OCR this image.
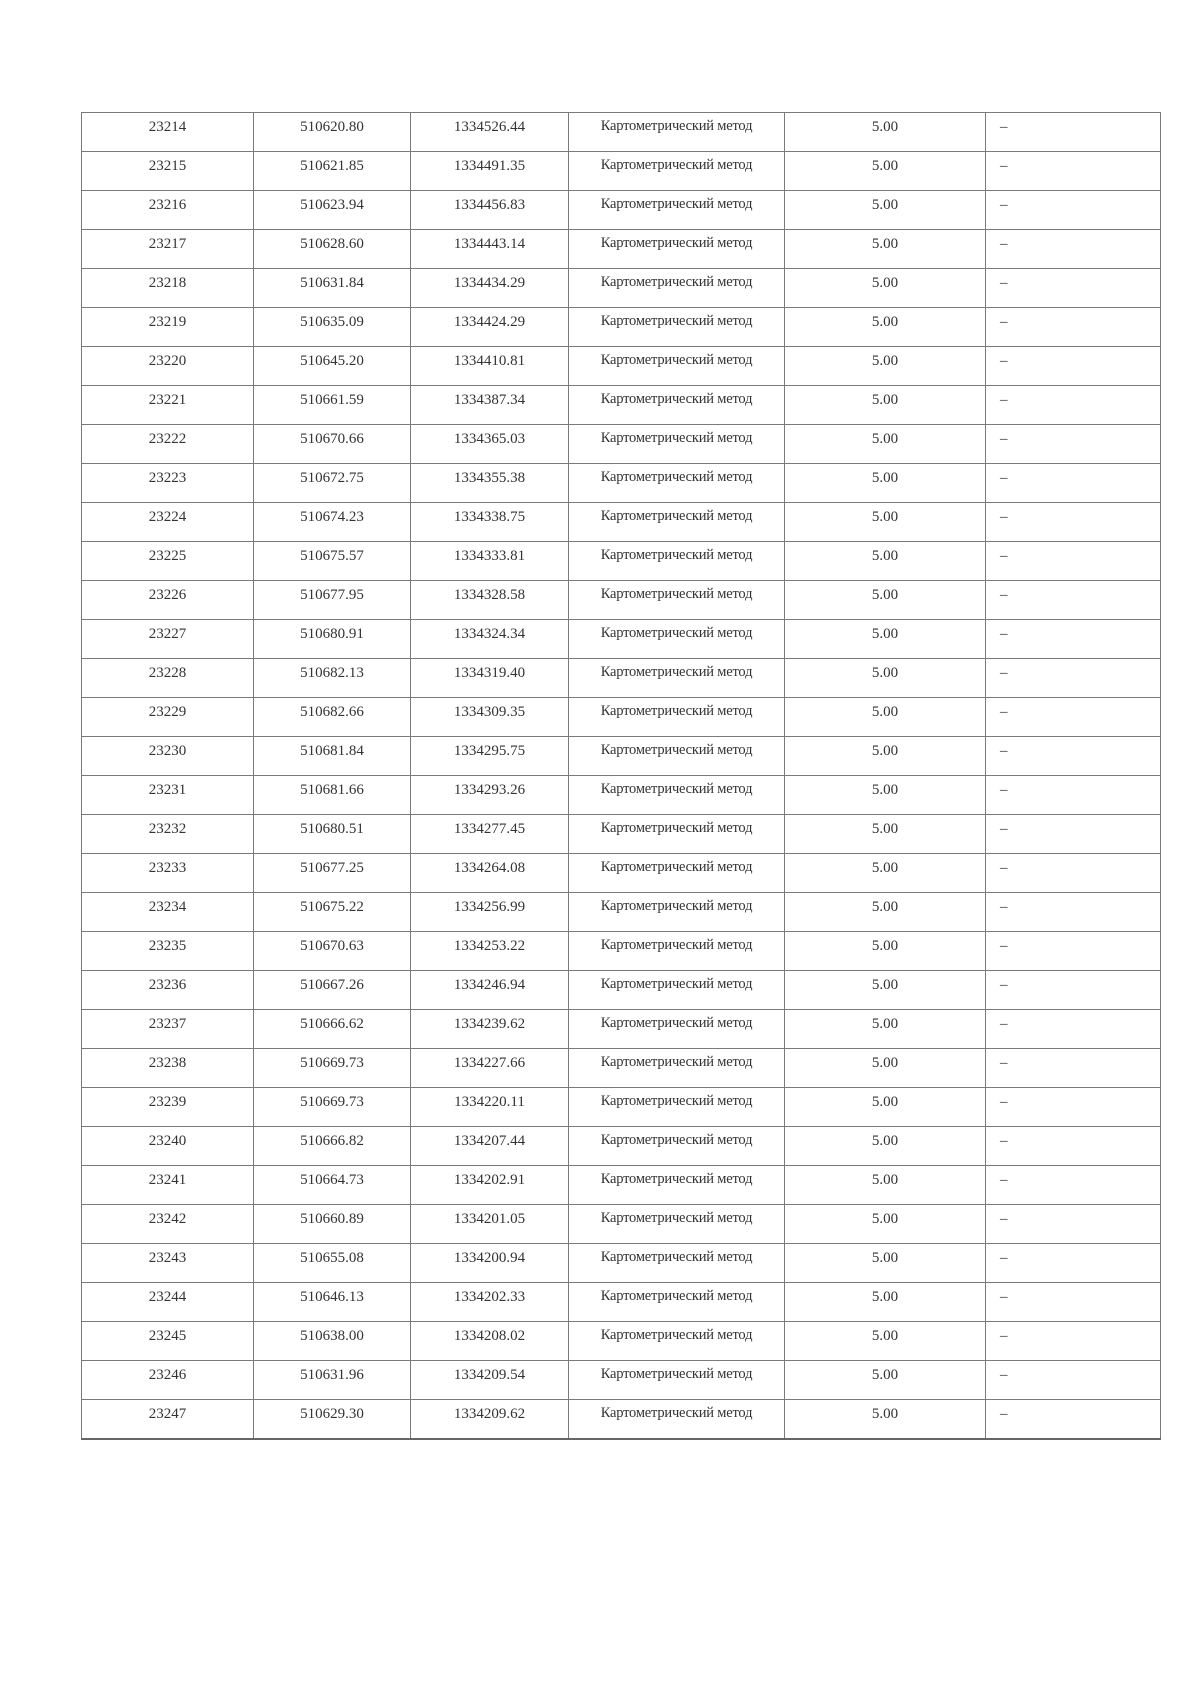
23214	510620.80	1334526.44	Картометрический метод	5.00	–
23215	510621.85	1334491.35	Картометрический метод	5.00	–
23216	510623.94	1334456.83	Картометрический метод	5.00	–
23217	510628.60	1334443.14	Картометрический метод	5.00	–
23218	510631.84	1334434.29	Картометрический метод	5.00	–
23219	510635.09	1334424.29	Картометрический метод	5.00	–
23220	510645.20	1334410.81	Картометрический метод	5.00	–
23221	510661.59	1334387.34	Картометрический метод	5.00	–
23222	510670.66	1334365.03	Картометрический метод	5.00	–
23223	510672.75	1334355.38	Картометрический метод	5.00	–
23224	510674.23	1334338.75	Картометрический метод	5.00	–
23225	510675.57	1334333.81	Картометрический метод	5.00	–
23226	510677.95	1334328.58	Картометрический метод	5.00	–
23227	510680.91	1334324.34	Картометрический метод	5.00	–
23228	510682.13	1334319.40	Картометрический метод	5.00	–
23229	510682.66	1334309.35	Картометрический метод	5.00	–
23230	510681.84	1334295.75	Картометрический метод	5.00	–
23231	510681.66	1334293.26	Картометрический метод	5.00	–
23232	510680.51	1334277.45	Картометрический метод	5.00	–
23233	510677.25	1334264.08	Картометрический метод	5.00	–
23234	510675.22	1334256.99	Картометрический метод	5.00	–
23235	510670.63	1334253.22	Картометрический метод	5.00	–
23236	510667.26	1334246.94	Картометрический метод	5.00	–
23237	510666.62	1334239.62	Картометрический метод	5.00	–
23238	510669.73	1334227.66	Картометрический метод	5.00	–
23239	510669.73	1334220.11	Картометрический метод	5.00	–
23240	510666.82	1334207.44	Картометрический метод	5.00	–
23241	510664.73	1334202.91	Картометрический метод	5.00	–
23242	510660.89	1334201.05	Картометрический метод	5.00	–
23243	510655.08	1334200.94	Картометрический метод	5.00	–
23244	510646.13	1334202.33	Картометрический метод	5.00	–
23245	510638.00	1334208.02	Картометрический метод	5.00	–
23246	510631.96	1334209.54	Картометрический метод	5.00	–
23247	510629.30	1334209.62	Картометрический метод	5.00	–
